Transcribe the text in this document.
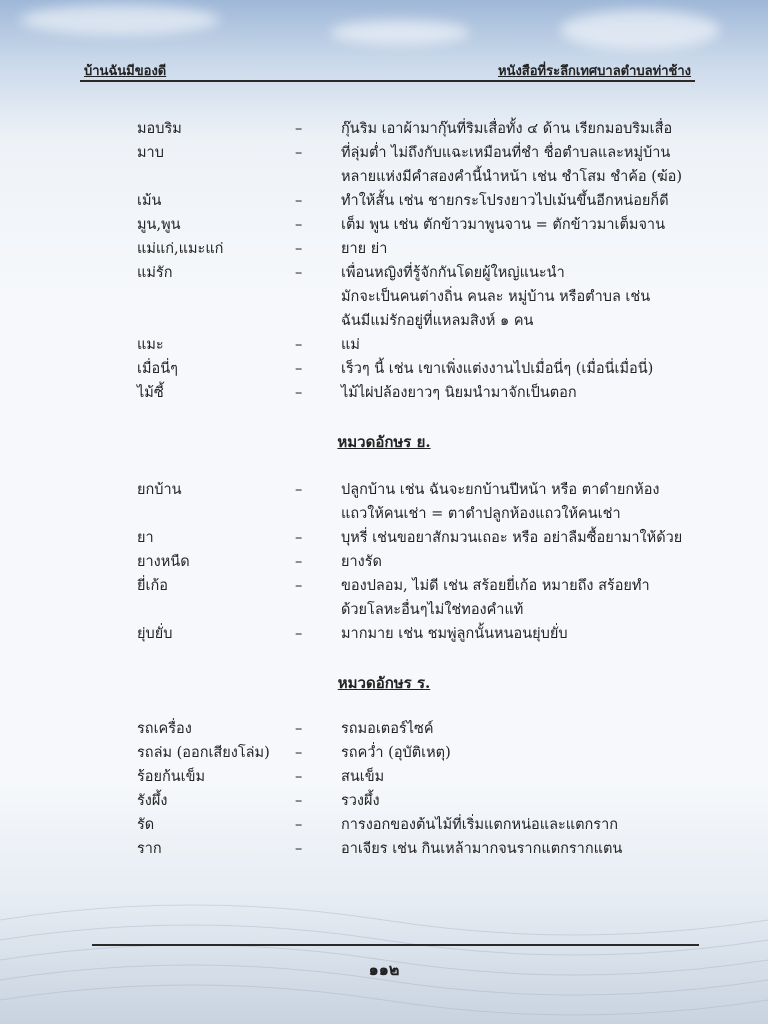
บ้านฉันมีของดี	หนังสือที่ระลึกเทศบาลตำบลท่าช้าง
มอบริม	–	กุ๊นริม เอาผ้ามากุ๊นที่ริมเสื่อทั้ง ๔ ด้าน เรียกมอบริมเสื่อ
มาบ	–	ที่ลุ่มต่ำ ไม่ถึงกับแฉะเหมือนที่ชำ ชื่อตำบลและหมู่บ้าน
หลายแห่งมีคำสองคำนี้นำหน้า เช่น ชำโสม ชำค้อ (ฆ้อ)
เม้น	–	ทำให้สั้น เช่น ชายกระโปรงยาวไปเม้นขึ้นอีกหน่อยก็ดี
มูน,พูน	–	เต็ม พูน เช่น ตักข้าวมาพูนจาน = ตักข้าวมาเต็มจาน
แม่แก่,แมะแก่	–	ยาย ย่า
แม่รัก	–	เพื่อนหญิงที่รู้จักกันโดยผู้ใหญ่แนะนำ
มักจะเป็นคนต่างถิ่น คนละ หมู่บ้าน หรือตำบล เช่น
ฉันมีแม่รักอยู่ที่แหลมสิงห์ ๑ คน
แมะ	–	แม่
เมื่อนี่ๆ	–	เร็วๆ นี้ เช่น เขาเพิ่งแต่งงานไปเมื่อนี่ๆ (เมื่อนี่เมื่อนี่)
ไม้ซี้	–	ไม้ไผ่ปล้องยาวๆ นิยมนำมาจักเป็นตอก
หมวดอักษร ย.
ยกบ้าน	–	ปลูกบ้าน เช่น ฉันจะยกบ้านปีหน้า หรือ ตาดำยกห้อง
แถวให้คนเช่า = ตาดำปลูกห้องแถวให้คนเช่า
ยา	–	บุหรี่ เช่นขอยาสักมวนเถอะ หรือ อย่าลืมซื้อยามาให้ด้วย
ยางหนืด	–	ยางรัด
ยี่เก้อ	–	ของปลอม, ไม่ดี เช่น สร้อยยี่เก้อ หมายถึง สร้อยทำ
ด้วยโลหะอื่นๆไม่ใช่ทองคำแท้
ยุ่บยั่บ	–	มากมาย เช่น ชมพู่ลูกนั้นหนอนยุ่บยั่บ
หมวดอักษร ร.
รถเครื่อง	–	รถมอเตอร์ไซค์
รถล่ม (ออกเสียงโล่ม) –	รถคว่ำ (อุบัติเหตุ)
ร้อยก้นเข็ม	–	สนเข็ม
รังผึ้ง	–	รวงผึ้ง
รัด	–	การงอกของต้นไม้ที่เริ่มแตกหน่อและแตกราก
ราก	–	อาเจียร เช่น กินเหล้ามากจนรากแตกรากแตน
๑๑๒
